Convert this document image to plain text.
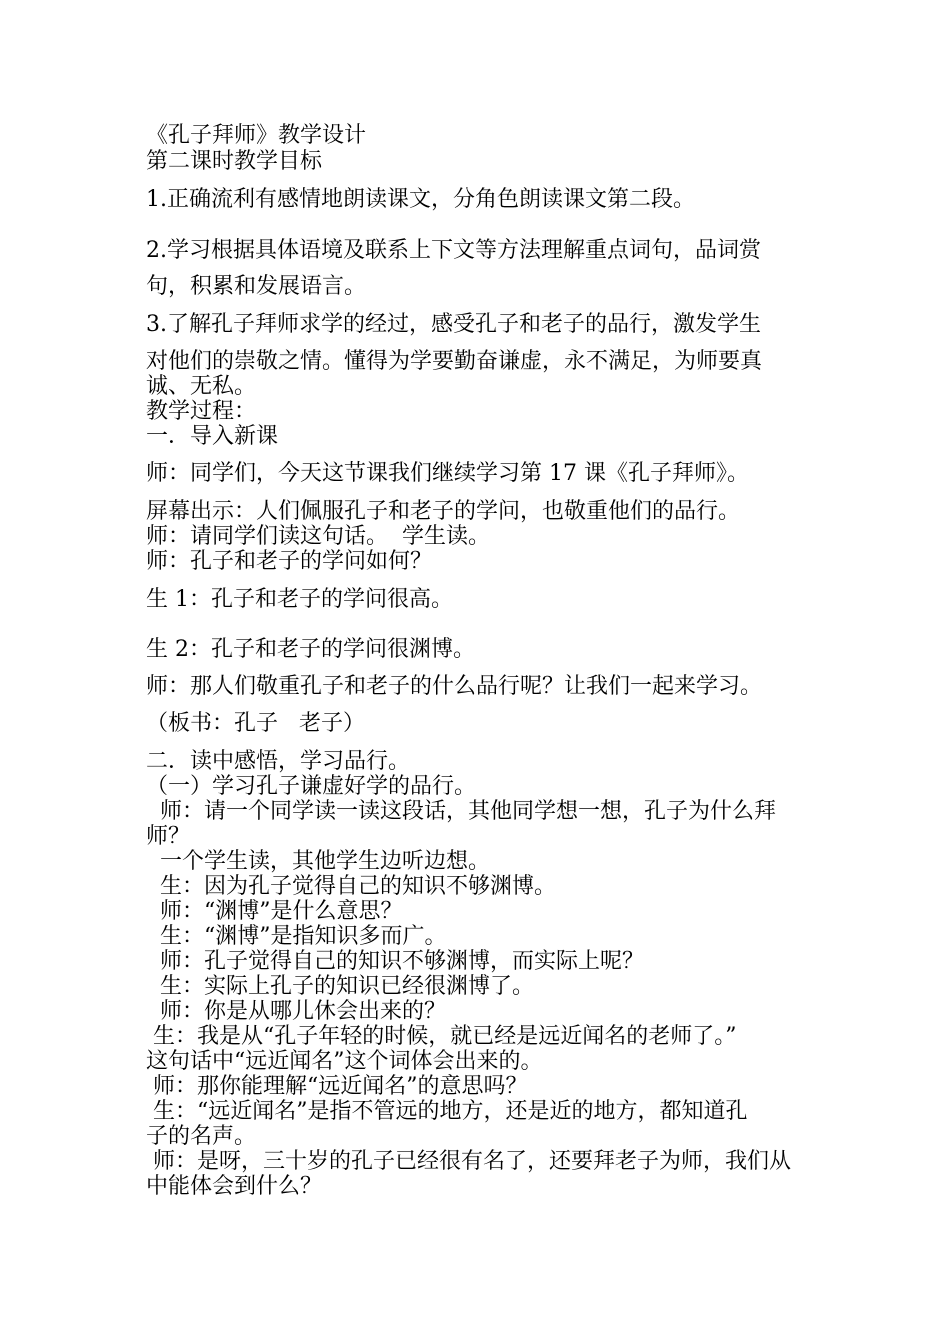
《孔子拜师》教学设计
第二课时教学目标
1.正确流利有感情地朗读课文，分角色朗读课文第二段。
2.学习根据具体语境及联系上下文等方法理解重点词句，品词赏
句，积累和发展语言。
3.了解孔子拜师求学的经过，感受孔子和老子的品行，激发学生
对他们的崇敬之情。懂得为学要勤奋谦虚，永不满足，为师要真
诚、无私。
教学过程：
一．导入新课
师：同学们，今天这节课我们继续学习第 17 课《孔子拜师》。
屏幕出示：人们佩服孔子和老子的学问，也敬重他们的品行。
师：请同学们读这句话。  学生读。
师：孔子和老子的学问如何？
生 1：孔子和老子的学问很高。
生 2：孔子和老子的学问很渊博。
师：那人们敬重孔子和老子的什么品行呢？让我们一起来学习。
（板书：孔子   老子）
二．读中感悟，学习品行。
（一）学习孔子谦虚好学的品行。
师：请一个同学读一读这段话，其他同学想一想，孔子为什么拜
师？
一个学生读，其他学生边听边想。
生：因为孔子觉得自己的知识不够渊博。
师：“渊博”是什么意思？
生：“渊博”是指知识多而广。
师：孔子觉得自己的知识不够渊博，而实际上呢？
生：实际上孔子的知识已经很渊博了。
师：你是从哪儿休会出来的？
生：我是从“孔子年轻的时候，就已经是远近闻名的老师了。”
这句话中“远近闻名”这个词体会出来的。
师：那你能理解“远近闻名”的意思吗？
生：“远近闻名”是指不管远的地方，还是近的地方，都知道孔
子的名声。
师：是呀，三十岁的孔子已经很有名了，还要拜老子为师，我们从
中能体会到什么？
